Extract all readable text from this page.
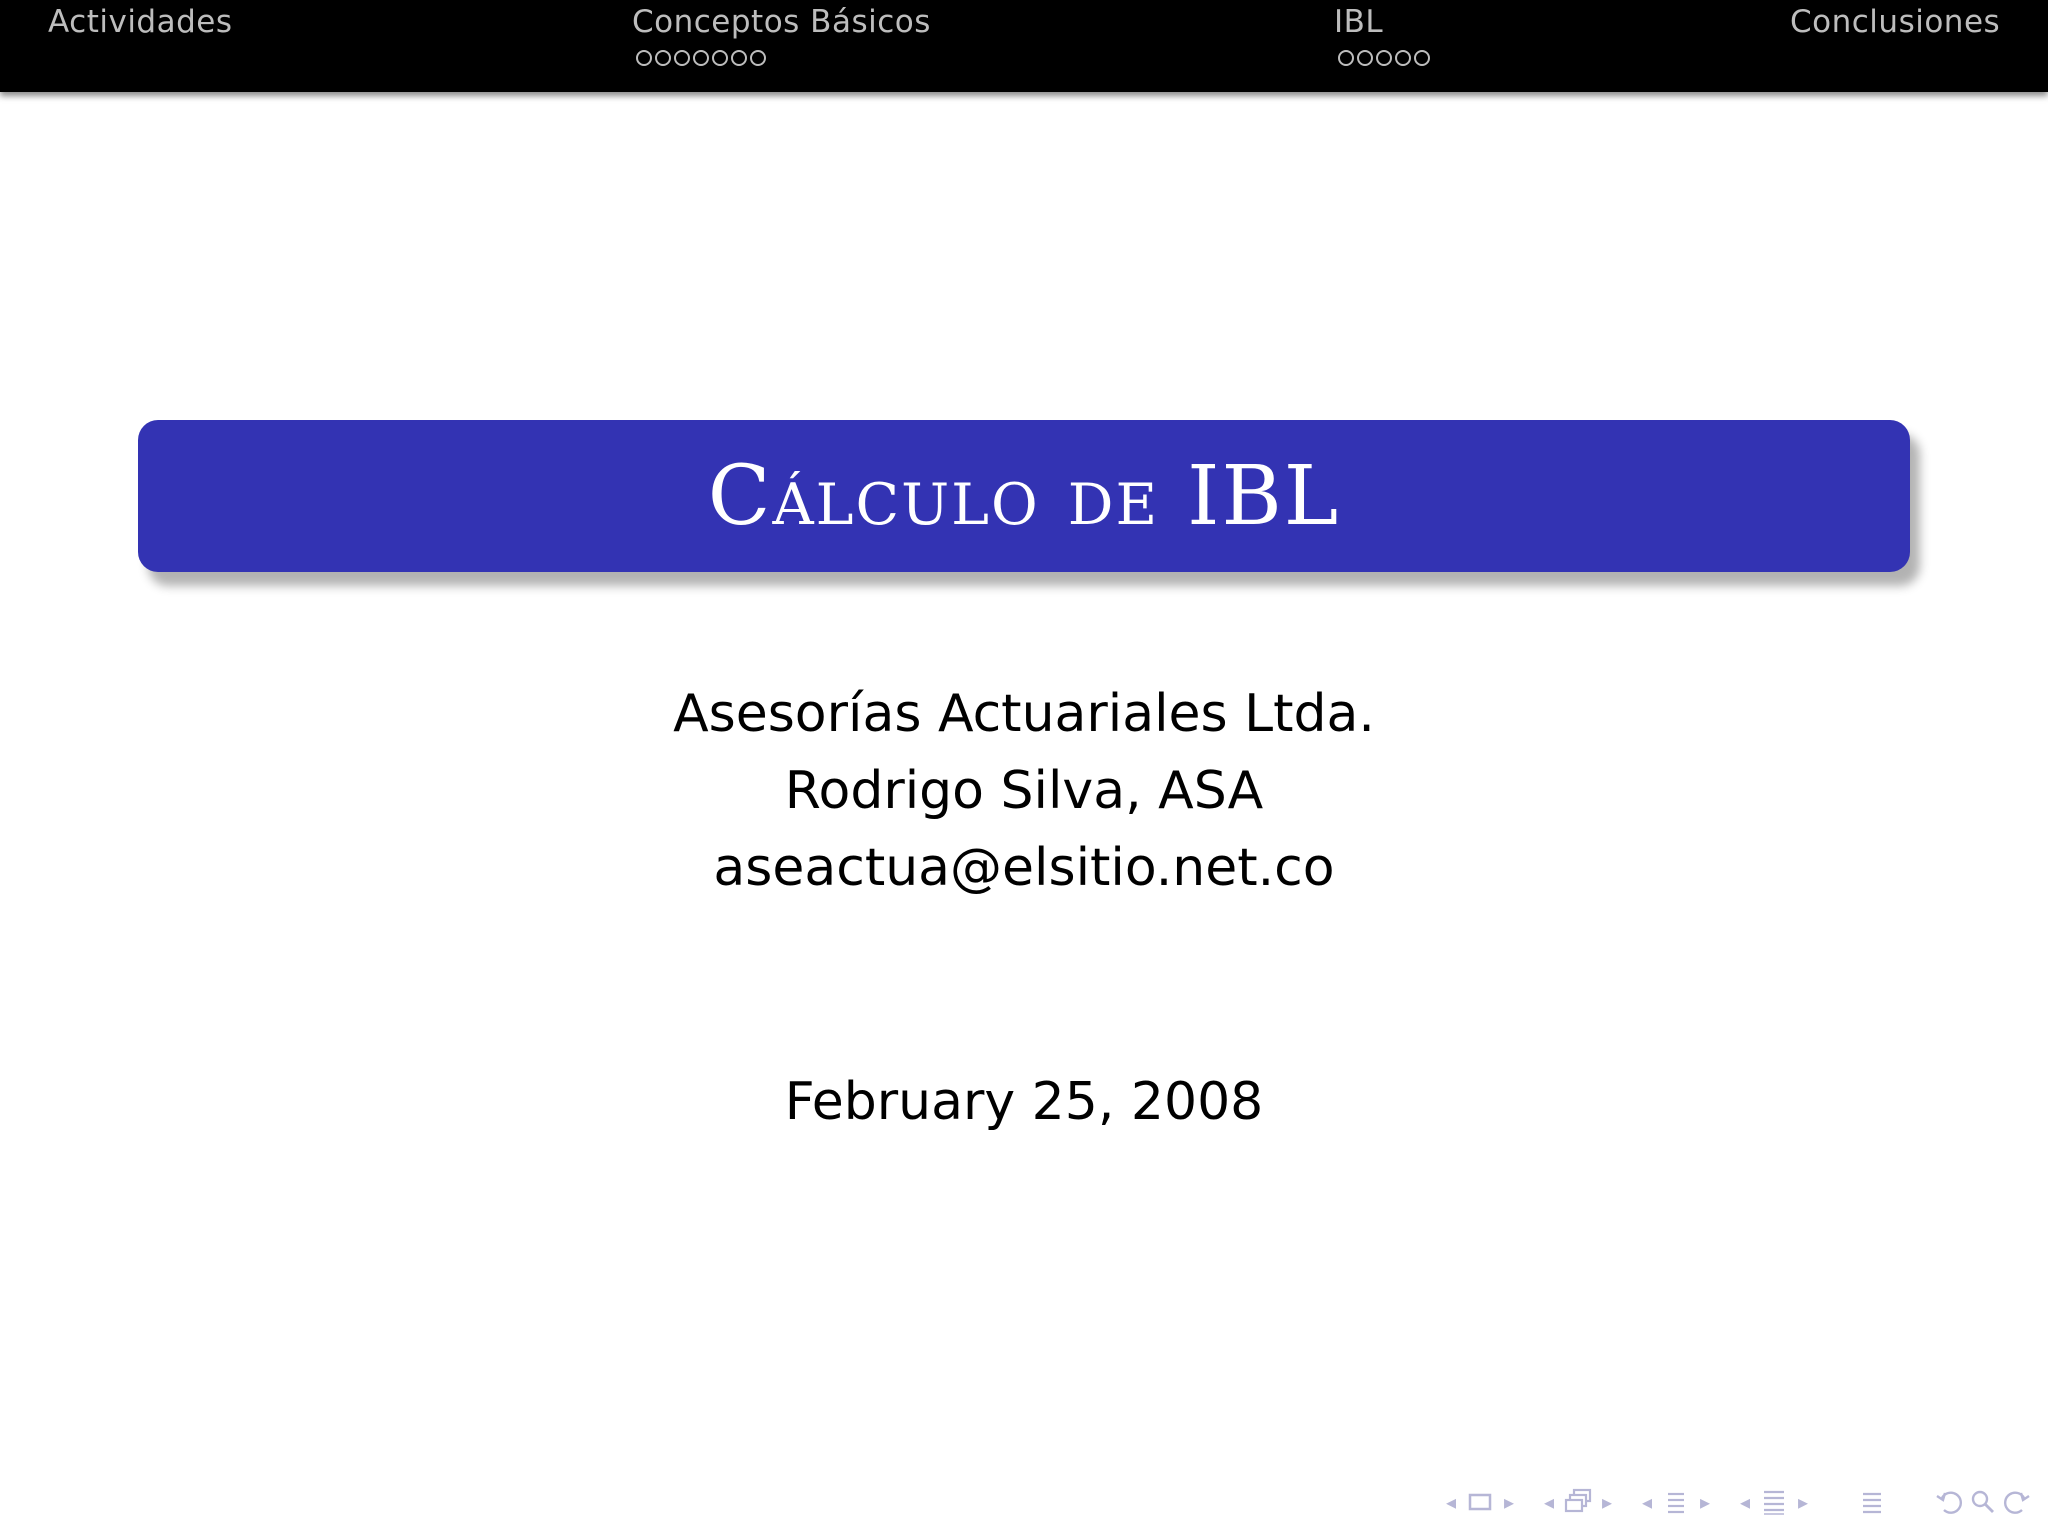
Actividades	Conceptos Básicos	IBL	Conclusiones
Cálculo de IBL
Asesorías Actuariales Ltda.
Rodrigo Silva, ASA
aseactua@elsitio.net.co
February 25, 2008
◂ ▸ ◂ ▸ ◂ ▸ ◂ ▸
